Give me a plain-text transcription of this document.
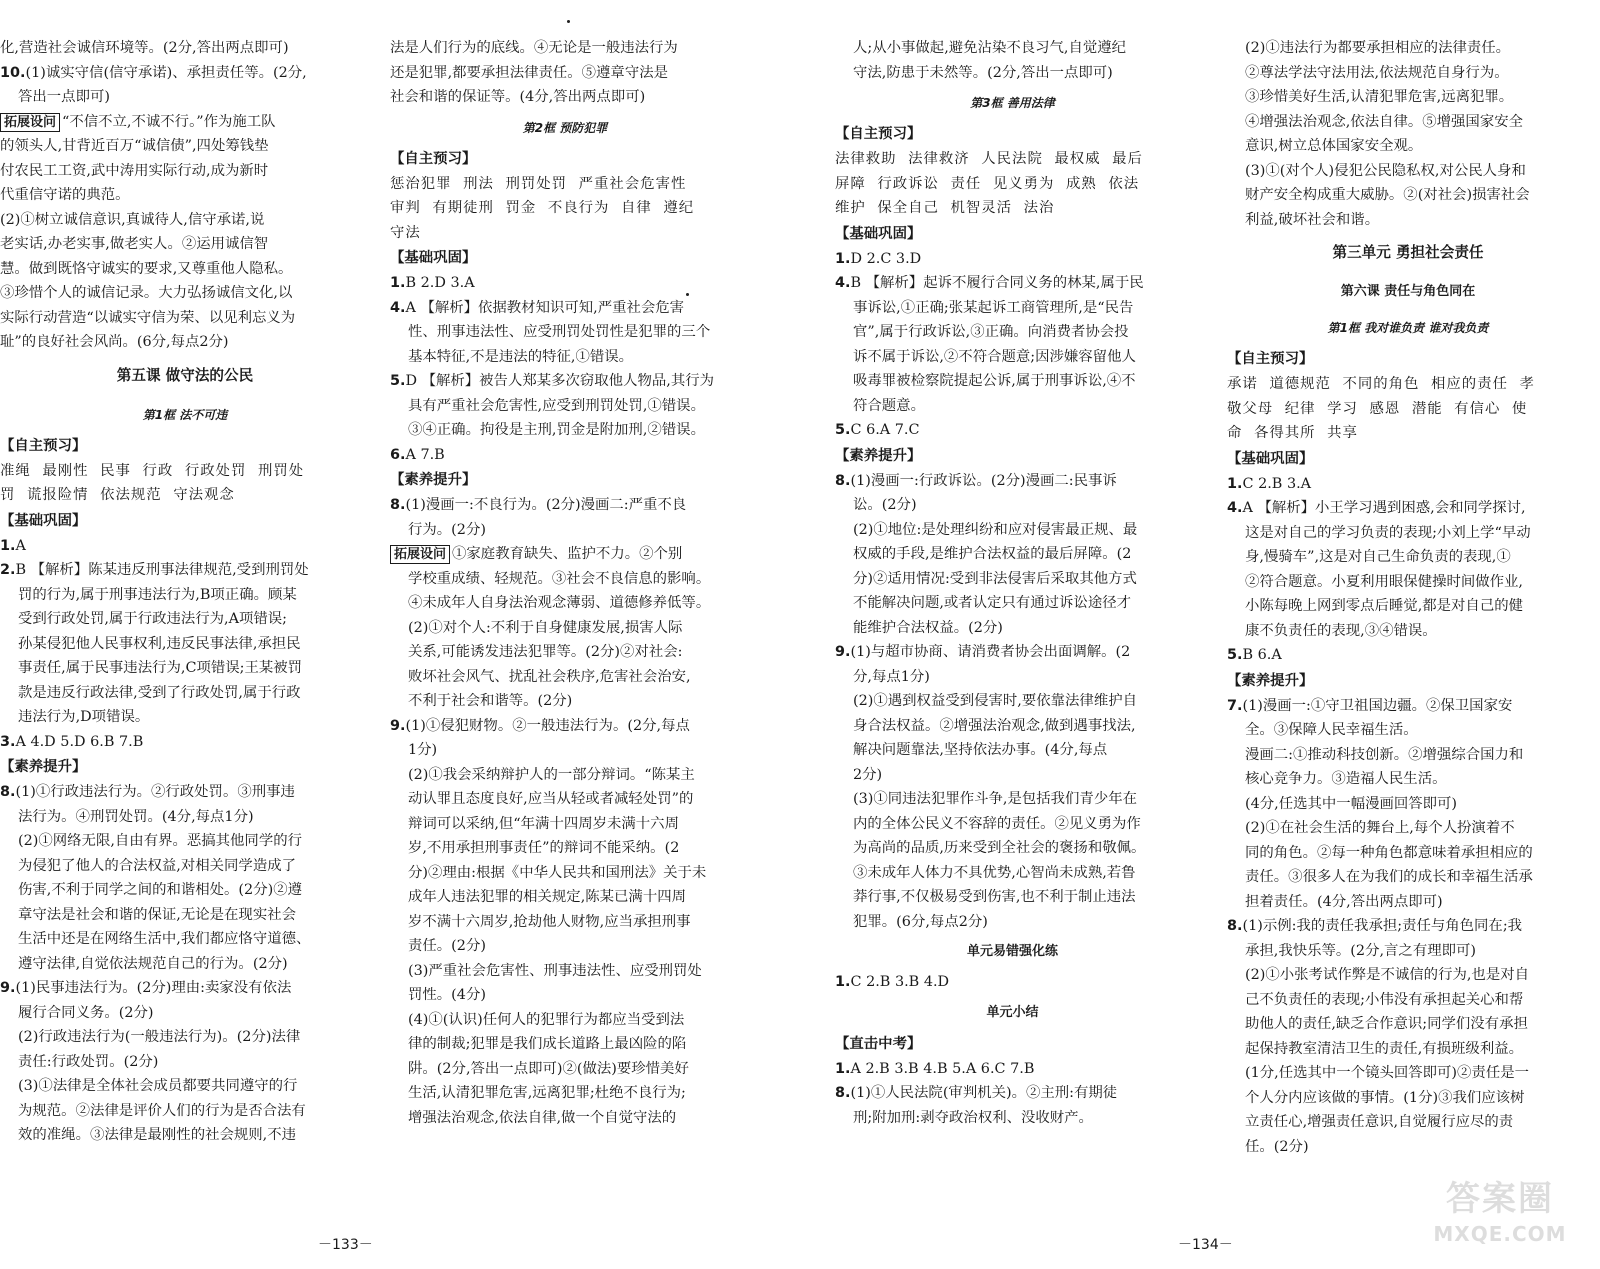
化,营造社会诚信环境等。(2分,答出两点即可)
10.(1)诚实守信(信守承诺)、承担责任等。(2分,
答出一点即可)
拓展设问 “不信不立,不诚不行。”作为施工队
的领头人,甘背近百万“诚信债”,四处筹钱垫
付农民工工资,武中涛用实际行动,成为新时
代重信守诺的典范。
(2)①树立诚信意识,真诚待人,信守承诺,说
老实话,办老实事,做老实人。②运用诚信智
慧。做到既恪守诚实的要求,又尊重他人隐私。
③珍惜个人的诚信记录。大力弘扬诚信文化,以
实际行动营造“以诚实守信为荣、以见利忘义为
耻”的良好社会风尚。(6分,每点2分)
第五课 做守法的公民
第1框 法不可违
【自主预习】
准绳 最刚性 民事 行政 行政处罚 刑罚处
罚 谎报险情 依法规范 守法观念
【基础巩固】
1.A
2.B 【解析】陈某违反刑事法律规范,受到刑罚处
罚的行为,属于刑事违法行为,B项正确。顾某
受到行政处罚,属于行政违法行为,A项错误;
孙某侵犯他人民事权利,违反民事法律,承担民
事责任,属于民事违法行为,C项错误;王某被罚
款是违反行政法律,受到了行政处罚,属于行政
违法行为,D项错误。
3.A 4.D 5.D 6.B 7.B
【素养提升】
8.(1)①行政违法行为。②行政处罚。③刑事违
法行为。④刑罚处罚。(4分,每点1分)
(2)①网络无限,自由有界。恶搞其他同学的行
为侵犯了他人的合法权益,对相关同学造成了
伤害,不利于同学之间的和谐相处。(2分)②遵
章守法是社会和谐的保证,无论是在现实社会
生活中还是在网络生活中,我们都应恪守道德、
遵守法律,自觉依法规范自己的行为。(2分)
9.(1)民事违法行为。(2分)理由:卖家没有依法
履行合同义务。(2分)
(2)行政违法行为(一般违法行为)。(2分)法律
责任:行政处罚。(2分)
(3)①法律是全体社会成员都要共同遵守的行
为规范。②法律是评价人们的行为是否合法有
效的准绳。③法律是最刚性的社会规则,不违
法是人们行为的底线。④无论是一般违法行为
还是犯罪,都要承担法律责任。⑤遵章守法是
社会和谐的保证等。(4分,答出两点即可)
第2框 预防犯罪
【自主预习】
惩治犯罪 刑法 刑罚处罚 严重社会危害性
审判 有期徒刑 罚金 不良行为 自律 遵纪
守法
【基础巩固】
1.B 2.D 3.A
4.A 【解析】依据教材知识可知,严重社会危害
性、刑事违法性、应受刑罚处罚性是犯罪的三个
基本特征,不是违法的特征,①错误。
5.D 【解析】被告人郑某多次窃取他人物品,其行为
具有严重社会危害性,应受到刑罚处罚,①错误。
③④正确。拘役是主刑,罚金是附加刑,②错误。
6.A 7.B
【素养提升】
8.(1)漫画一:不良行为。(2分)漫画二:严重不良
行为。(2分)
拓展设问 ①家庭教育缺失、监护不力。②个别
学校重成绩、轻规范。③社会不良信息的影响。
④未成年人自身法治观念薄弱、道德修养低等。
(2)①对个人:不利于自身健康发展,损害人际
关系,可能诱发违法犯罪等。(2分)②对社会:
败坏社会风气、扰乱社会秩序,危害社会治安,
不利于社会和谐等。(2分)
9.(1)①侵犯财物。②一般违法行为。(2分,每点
1分)
(2)①我会采纳辩护人的一部分辩词。“陈某主
动认罪且态度良好,应当从轻或者减轻处罚”的
辩词可以采纳,但“年满十四周岁未满十六周
岁,不用承担刑事责任”的辩词不能采纳。(2
分)②理由:根据《中华人民共和国刑法》关于未
成年人违法犯罪的相关规定,陈某已满十四周
岁不满十六周岁,抢劫他人财物,应当承担刑事
责任。(2分)
(3)严重社会危害性、刑事违法性、应受刑罚处
罚性。(4分)
(4)①(认识)任何人的犯罪行为都应当受到法
律的制裁;犯罪是我们成长道路上最凶险的陷
阱。(2分,答出一点即可)②(做法)要珍惜美好
生活,认清犯罪危害,远离犯罪;杜绝不良行为;
增强法治观念,依法自律,做一个自觉守法的
人;从小事做起,避免沾染不良习气,自觉遵纪
守法,防患于未然等。(2分,答出一点即可)
第3框 善用法律
【自主预习】
法律救助 法律救济 人民法院 最权威 最后
屏障 行政诉讼 责任 见义勇为 成熟 依法
维护 保全自己 机智灵活 法治
【基础巩固】
1.D 2.C 3.D
4.B 【解析】起诉不履行合同义务的林某,属于民
事诉讼,①正确;张某起诉工商管理所,是“民告
官”,属于行政诉讼,③正确。向消费者协会投
诉不属于诉讼,②不符合题意;因涉嫌容留他人
吸毒罪被检察院提起公诉,属于刑事诉讼,④不
符合题意。
5.C 6.A 7.C
【素养提升】
8.(1)漫画一:行政诉讼。(2分)漫画二:民事诉
讼。(2分)
(2)①地位:是处理纠纷和应对侵害最正规、最
权威的手段,是维护合法权益的最后屏障。(2
分)②适用情况:受到非法侵害后采取其他方式
不能解决问题,或者认定只有通过诉讼途径才
能维护合法权益。(2分)
9.(1)与超市协商、请消费者协会出面调解。(2
分,每点1分)
(2)①遇到权益受到侵害时,要依靠法律维护自
身合法权益。②增强法治观念,做到遇事找法,
解决问题靠法,坚持依法办事。(4分,每点
2分)
(3)①同违法犯罪作斗争,是包括我们青少年在
内的全体公民义不容辞的责任。②见义勇为作
为高尚的品质,历来受到全社会的褒扬和敬佩。
③未成年人体力不具优势,心智尚未成熟,若鲁
莽行事,不仅极易受到伤害,也不利于制止违法
犯罪。(6分,每点2分)
单元易错强化练
1.C 2.B 3.B 4.D
单元小结
【直击中考】
1.A 2.B 3.B 4.B 5.A 6.C 7.B
8.(1)①人民法院(审判机关)。②主刑:有期徒
刑;附加刑:剥夺政治权利、没收财产。
(2)①违法行为都要承担相应的法律责任。
②尊法学法守法用法,依法规范自身行为。
③珍惜美好生活,认清犯罪危害,远离犯罪。
④增强法治观念,依法自律。⑤增强国家安全
意识,树立总体国家安全观。
(3)①(对个人)侵犯公民隐私权,对公民人身和
财产安全构成重大威胁。②(对社会)损害社会
利益,破坏社会和谐。
第三单元 勇担社会责任
第六课 责任与角色同在
第1框 我对谁负责 谁对我负责
【自主预习】
承诺 道德规范 不同的角色 相应的责任 孝
敬父母 纪律 学习 感恩 潜能 有信心 使
命 各得其所 共享
【基础巩固】
1.C 2.B 3.A
4.A 【解析】小王学习遇到困惑,会和同学探讨,
这是对自己的学习负责的表现;小刘上学“早动
身,慢骑车”,这是对自己生命负责的表现,①
②符合题意。小夏利用眼保健操时间做作业,
小陈每晚上网到零点后睡觉,都是对自己的健
康不负责任的表现,③④错误。
5.B 6.A
【素养提升】
7.(1)漫画一:①守卫祖国边疆。②保卫国家安
全。③保障人民幸福生活。
漫画二:①推动科技创新。②增强综合国力和
核心竞争力。③造福人民生活。
(4分,任选其中一幅漫画回答即可)
(2)①在社会生活的舞台上,每个人扮演着不
同的角色。②每一种角色都意味着承担相应的
责任。③很多人在为我们的成长和幸福生活承
担着责任。(4分,答出两点即可)
8.(1)示例:我的责任我承担;责任与角色同在;我
承担,我快乐等。(2分,言之有理即可)
(2)①小张考试作弊是不诚信的行为,也是对自
己不负责任的表现;小伟没有承担起关心和帮
助他人的责任,缺乏合作意识;同学们没有承担
起保持教室清洁卫生的责任,有损班级利益。
(1分,任选其中一个镜头回答即可)②责任是一
个人分内应该做的事情。(1分)③我们应该树
立责任心,增强责任意识,自觉履行应尽的责
任。(2分)
－133－	－134－
答案圈
MXQE.COM
